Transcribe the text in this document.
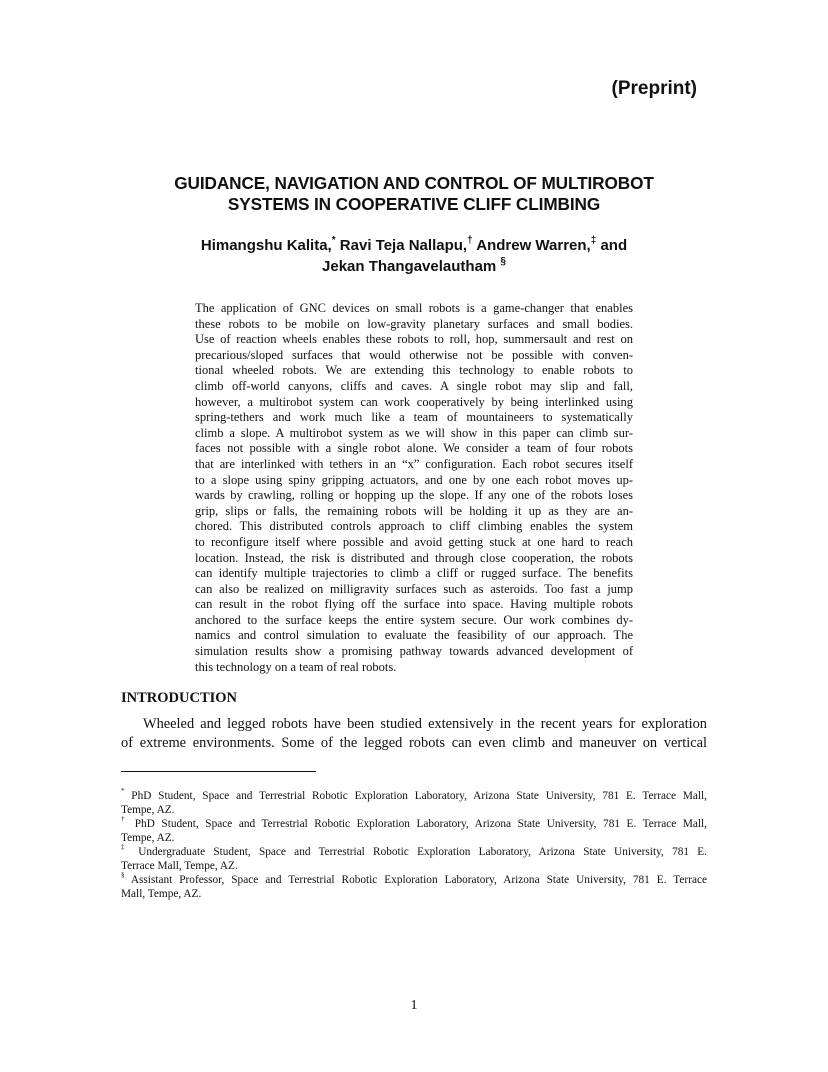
(Preprint)
GUIDANCE, NAVIGATION AND CONTROL OF MULTIROBOT
SYSTEMS IN COOPERATIVE CLIFF CLIMBING
Himangshu Kalita,* Ravi Teja Nallapu,† Andrew Warren,‡ and
Jekan Thangavelautham §
The application of GNC devices on small robots is a game-changer that enables
these robots to be mobile on low-gravity planetary surfaces and small bodies.
Use of reaction wheels enables these robots to roll, hop, summersault and rest on
precarious/sloped surfaces that would otherwise not be possible with conven-
tional wheeled robots. We are extending this technology to enable robots to
climb off-world canyons, cliffs and caves. A single robot may slip and fall,
however, a multirobot system can work cooperatively by being interlinked using
spring-tethers and work much like a team of mountaineers to systematically
climb a slope. A multirobot system as we will show in this paper can climb sur-
faces not possible with a single robot alone. We consider a team of four robots
that are interlinked with tethers in an “x” configuration. Each robot secures itself
to a slope using spiny gripping actuators, and one by one each robot moves up-
wards by crawling, rolling or hopping up the slope. If any one of the robots loses
grip, slips or falls, the remaining robots will be holding it up as they are an-
chored. This distributed controls approach to cliff climbing enables the system
to reconfigure itself where possible and avoid getting stuck at one hard to reach
location. Instead, the risk is distributed and through close cooperation, the robots
can identify multiple trajectories to climb a cliff or rugged surface. The benefits
can also be realized on milligravity surfaces such as asteroids. Too fast a jump
can result in the robot flying off the surface into space. Having multiple robots
anchored to the surface keeps the entire system secure. Our work combines dy-
namics and control simulation to evaluate the feasibility of our approach. The
simulation results show a promising pathway towards advanced development of
this technology on a team of real robots.
INTRODUCTION
Wheeled and legged robots have been studied extensively in the recent years for exploration
of extreme environments. Some of the legged robots can even climb and maneuver on vertical
* PhD Student, Space and Terrestrial Robotic Exploration Laboratory, Arizona State University, 781 E. Terrace Mall,
Tempe, AZ.
† PhD Student, Space and Terrestrial Robotic Exploration Laboratory, Arizona State University, 781 E. Terrace Mall,
Tempe, AZ.
‡ Undergraduate Student, Space and Terrestrial Robotic Exploration Laboratory, Arizona State University, 781 E.
Terrace Mall, Tempe, AZ.
§ Assistant Professor, Space and Terrestrial Robotic Exploration Laboratory, Arizona State University, 781 E. Terrace
Mall, Tempe, AZ.
1
